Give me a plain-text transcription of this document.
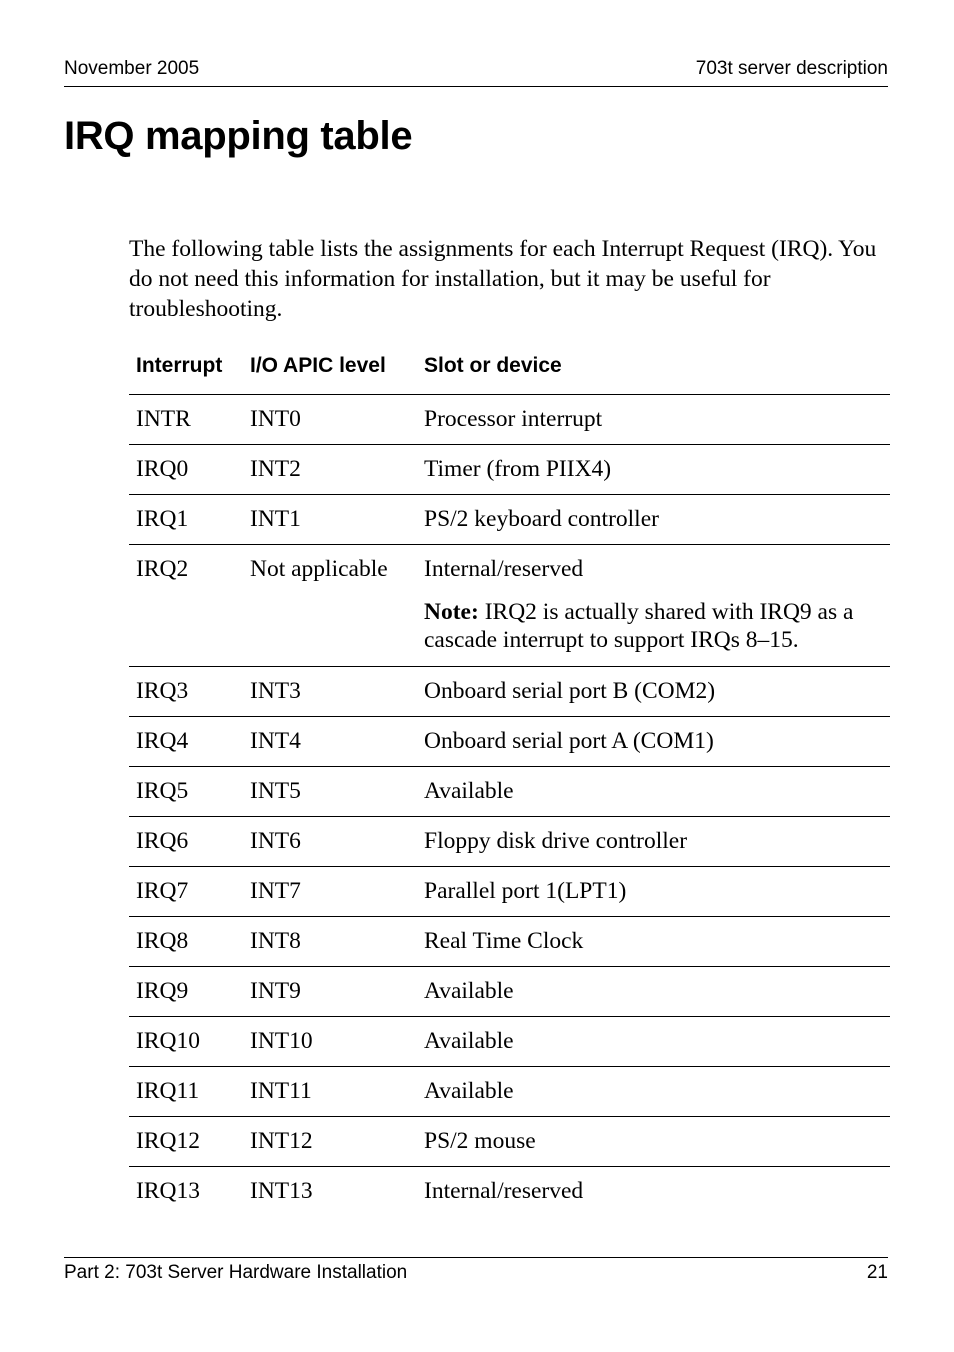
November 2005	703t server description
IRQ mapping table

The following table lists the assignments for each Interrupt Request (IRQ). You do not need this information for installation, but it may be useful for troubleshooting.

Interrupt I/O APIC level	Slot or device
INTR	INT0	Processor interrupt
IRQ0	INT2	Timer (from PIIX4)
IRQ1	INT1	PS/2 keyboard controller
IRQ2	Not applicable	Internal/reserved
Note: IRQ2 is actually shared with IRQ9 as a cascade interrupt to support IRQs 8–15.
IRQ3	INT3	Onboard serial port B (COM2)
IRQ4	INT4	Onboard serial port A (COM1)
IRQ5	INT5	Available
IRQ6	INT6	Floppy disk drive controller
IRQ7	INT7	Parallel port 1(LPT1)
IRQ8	INT8	Real Time Clock
IRQ9	INT9	Available
IRQ10 INT10	Available
IRQ11 INT11	Available
IRQ12 INT12	PS/2 mouse
IRQ13 INT13	Internal/reserved
Part 2: 703t Server Hardware Installation	21
